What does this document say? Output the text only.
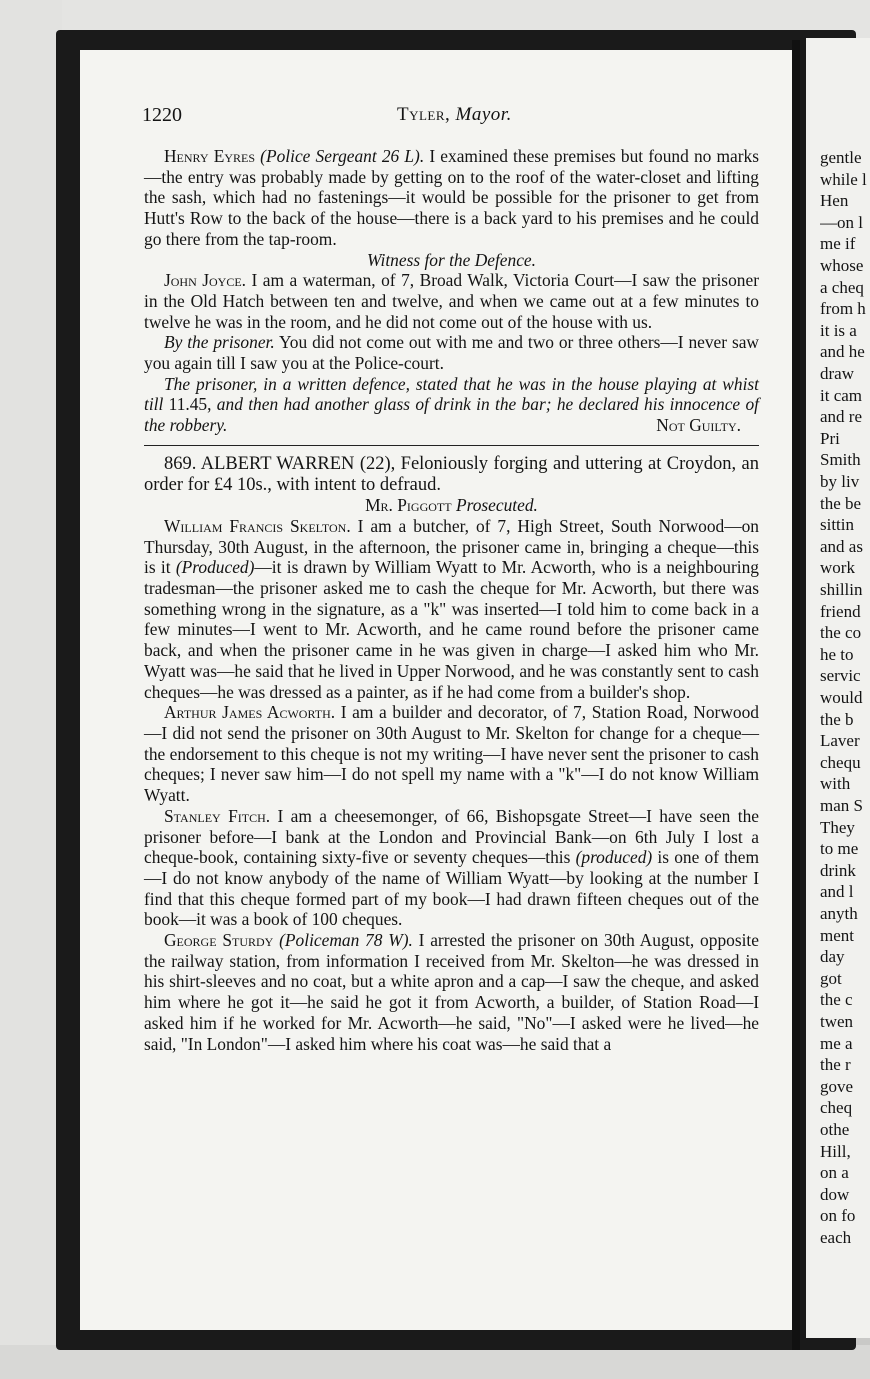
1220	Tyler, Mayor.

Henry Eyres (Police Sergeant 26 L). I examined these premises but found no marks—the entry was probably made by getting on to the roof of the water-closet and lifting the sash, which had no fastenings—it would be possible for the prisoner to get from Hutt's Row to the back of the house—there is a back yard to his premises and he could go there from the tap-room.

Witness for the Defence.

John Joyce. I am a waterman, of 7, Broad Walk, Victoria Court—I saw the prisoner in the Old Hatch between ten and twelve, and when we came out at a few minutes to twelve he was in the room, and he did not come out of the house with us.

By the prisoner. You did not come out with me and two or three others—I never saw you again till I saw you at the Police-court.

The prisoner, in a written defence, stated that he was in the house playing at whist till 11.45, and then had another glass of drink in the bar; he declared his innocence of the robbery.	Not Guilty.

869. ALBERT WARREN (22), Feloniously forging and uttering at Croydon, an order for £4 10s., with intent to defraud.

Mr. Piggott Prosecuted.

William Francis Skelton. I am a butcher, of 7, High Street, South Norwood—on Thursday, 30th August, in the afternoon, the prisoner came in, bringing a cheque—this is it (Produced)—it is drawn by William Wyatt to Mr. Acworth, who is a neighbouring tradesman—the prisoner asked me to cash the cheque for Mr. Acworth, but there was something wrong in the signature, as a "k" was inserted—I told him to come back in a few minutes—I went to Mr. Acworth, and he came round before the prisoner came back, and when the prisoner came in he was given in charge—I asked him who Mr. Wyatt was—he said that he lived in Upper Norwood, and he was constantly sent to cash cheques—he was dressed as a painter, as if he had come from a builder's shop.

Arthur James Acworth. I am a builder and decorator, of 7, Station Road, Norwood—I did not send the prisoner on 30th August to Mr. Skelton for change for a cheque—the endorsement to this cheque is not my writing—I have never sent the prisoner to cash cheques; I never saw him—I do not spell my name with a "k"—I do not know William Wyatt.

Stanley Fitch. I am a cheesemonger, of 66, Bishopsgate Street—I have seen the prisoner before—I bank at the London and Provincial Bank—on 6th July I lost a cheque-book, containing sixty-five or seventy cheques—this (produced) is one of them—I do not know anybody of the name of William Wyatt—by looking at the number I find that this cheque formed part of my book—I had drawn fifteen cheques out of the book—it was a book of 100 cheques.

George Sturdy (Policeman 78 W). I arrested the prisoner on 30th August, opposite the railway station, from information I received from Mr. Skelton—he was dressed in his shirt-sleeves and no coat, but a white apron and a cap—I saw the cheque, and asked him where he got it—he said he got it from Acworth, a builder, of Station Road—I asked him if he worked for Mr. Acworth—he said, "No"—I asked were he lived—he said, "In London"—I asked him where his coat was—he said that a

gentle
while l
Hen
—on l
me if
whose
a cheq
from h
it is a
and he
draw
it cam
and re
Pri
Smith
by liv
the be
sittin
and as
work
shillin
friend
the co
he to
servic
would
the b
Laver
chequ
with
man S
They
to me
drink
and l
anyth
ment
day
got
the c
twen
me a
the r
gove
cheq
othe
Hill,
on a
dow
on fo
each
